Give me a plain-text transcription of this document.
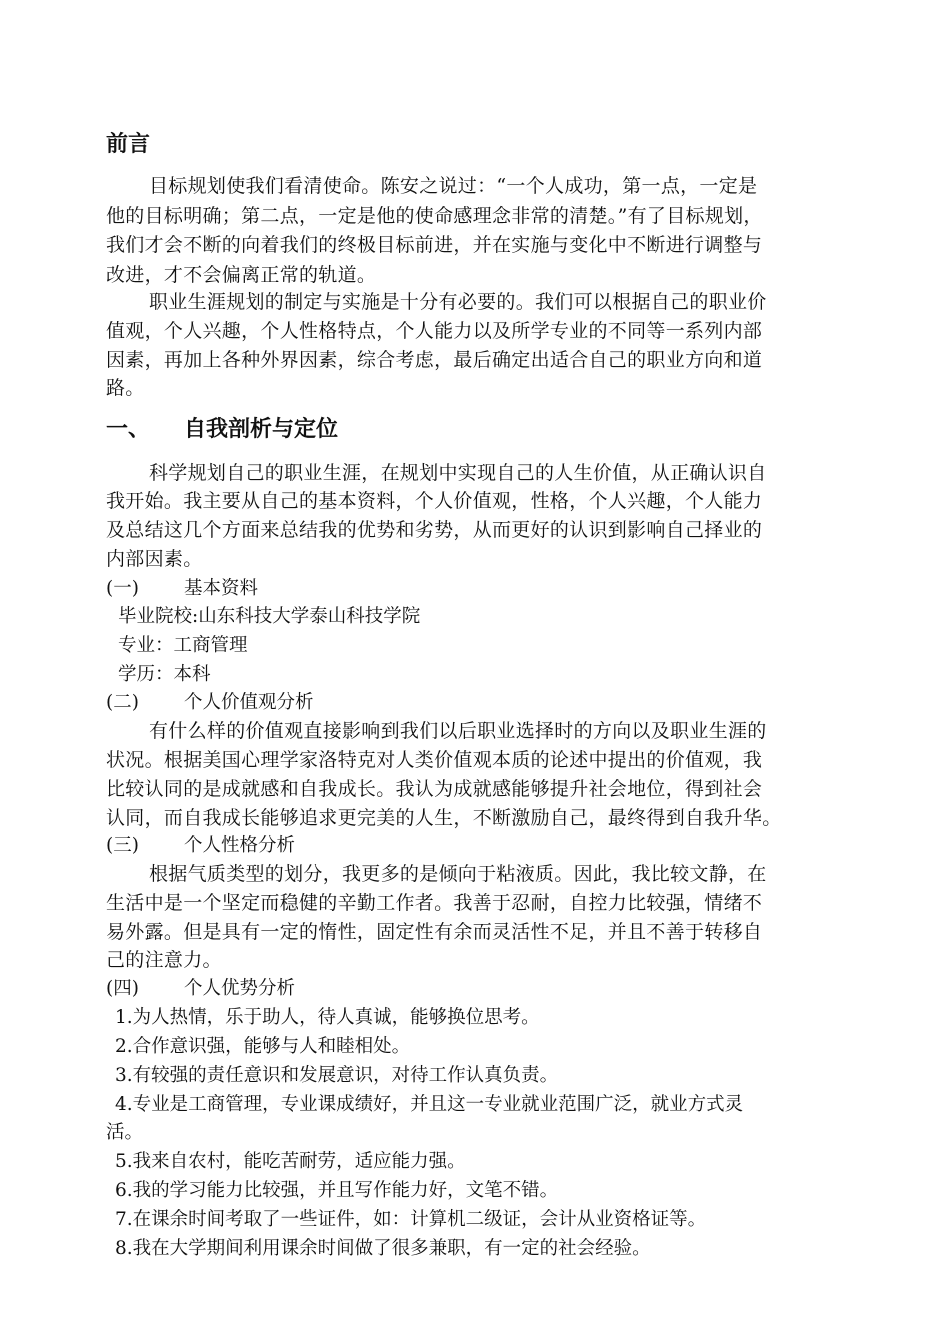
前言
目标规划使我们看清使命。陈安之说过：“一个人成功，第一点，一定是
他的目标明确；第二点，一定是他的使命感理念非常的清楚。”有了目标规划，
我们才会不断的向着我们的终极目标前进，并在实施与变化中不断进行调整与
改进，才不会偏离正常的轨道。
职业生涯规划的制定与实施是十分有必要的。我们可以根据自己的职业价
值观，个人兴趣，个人性格特点，个人能力以及所学专业的不同等一系列内部
因素，再加上各种外界因素，综合考虑，最后确定出适合自己的职业方向和道
路。
一、 自我剖析与定位
科学规划自己的职业生涯，在规划中实现自己的人生价值，从正确认识自
我开始。我主要从自己的基本资料，个人价值观，性格，个人兴趣，个人能力
及总结这几个方面来总结我的优势和劣势，从而更好的认识到影响自己择业的
内部因素。
(一) 基本资料
毕业院校:山东科技大学泰山科技学院
专业：工商管理
学历：本科
(二) 个人价值观分析
有什么样的价值观直接影响到我们以后职业选择时的方向以及职业生涯的
状况。根据美国心理学家洛特克对人类价值观本质的论述中提出的价值观，我
比较认同的是成就感和自我成长。我认为成就感能够提升社会地位，得到社会
认同，而自我成长能够追求更完美的人生，不断激励自己，最终得到自我升华。
(三) 个人性格分析
根据气质类型的划分，我更多的是倾向于粘液质。因此，我比较文静，在
生活中是一个坚定而稳健的辛勤工作者。我善于忍耐，自控力比较强，情绪不
易外露。但是具有一定的惰性，固定性有余而灵活性不足，并且不善于转移自
己的注意力。
(四) 个人优势分析
1.为人热情，乐于助人，待人真诚，能够换位思考。
2.合作意识强，能够与人和睦相处。
3.有较强的责任意识和发展意识，对待工作认真负责。
4.专业是工商管理，专业课成绩好，并且这一专业就业范围广泛，就业方式灵
活。
5.我来自农村，能吃苦耐劳，适应能力强。
6.我的学习能力比较强，并且写作能力好，文笔不错。
7.在课余时间考取了一些证件，如：计算机二级证，会计从业资格证等。
8.我在大学期间利用课余时间做了很多兼职，有一定的社会经验。
